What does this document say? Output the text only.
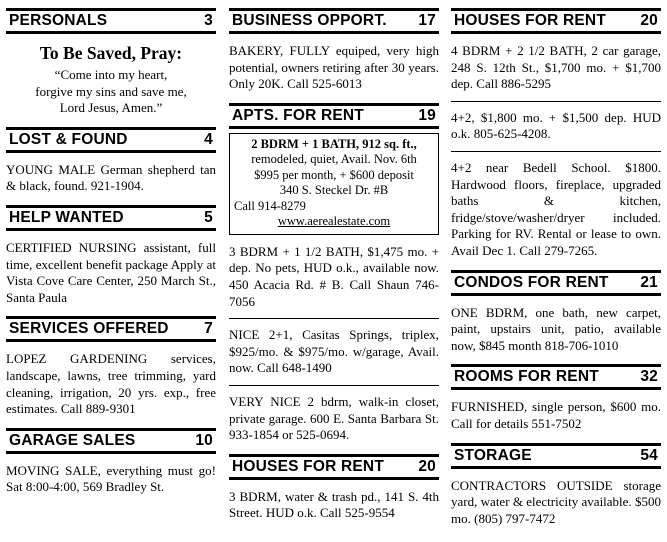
PERSONALS	3
To Be Saved, Pray:
“Come into my heart,
forgive my sins and save me,
Lord Jesus, Amen.”
LOST & FOUND	4

YOUNG MALE German shepherd tan & black, found. 921-1904.

HELP WANTED	5

CERTIFIED NURSING assistant, full time, excellent benefit package Apply at Vista Cove Care Center, 250 March St., Santa Paula

SERVICES OFFERED 7

LOPEZ GARDENING services, landscape, lawns, tree trimming, yard cleaning, irrigation, 20 yrs. exp., free estimates. Call 889-9301

GARAGE SALES	10

MOVING SALE, everything must go! Sat 8:00-4:00, 569 Bradley St.

BUSINESS OPPORT. 17

BAKERY, FULLY equiped, very high potential, owners retiring after 30 years. Only 20K. Call 525-6013

APTS. FOR RENT	19
2 BDRM + 1 BATH, 912 sq. ft.,
remodeled, quiet, Avail. Nov. 6th
$995 per month, + $600 deposit
340 S. Steckel Dr. #B
Call 914-8279
www.aerealestate.com

3 BDRM + 1 1/2 BATH, $1,475 mo. + dep. No pets, HUD o.k., available now. 450 Acacia Rd. # B. Call Shaun 746-7056

NICE 2+1, Casitas Springs, triplex, $925/mo. & $975/mo. w/garage, Avail. now. Call 648-1490

VERY NICE 2 bdrm, walk-in closet, private garage. 600 E. Santa Barbara St. 933-1854 or 525-0694.

HOUSES FOR RENT 20

3 BDRM, water & trash pd., 141 S. 4th Street. HUD o.k. Call 525-9554

HOUSES FOR RENT 20

4 BDRM + 2 1/2 BATH, 2 car garage, 248 S. 12th St., $1,700 mo. + $1,700 dep. Call 886-5295

4+2, $1,800 mo. + $1,500 dep. HUD o.k. 805-625-4208.

4+2 near Bedell School. $1800. Hardwood floors, fireplace, upgraded baths & kitchen, fridge/stove/washer/dryer included. Parking for RV. Rental or lease to own. Avail Dec 1. Call 279-7265.

CONDOS FOR RENT 21

ONE BDRM, one bath, new carpet, paint, upstairs unit, patio, available now, $845 month 818-706-1010

ROOMS FOR RENT	32

FURNISHED, single person, $600 mo. Call for details 551-7502

STORAGE	54

CONTRACTORS OUTSIDE storage yard, water & electricity available. $500 mo. (805) 797-7472
